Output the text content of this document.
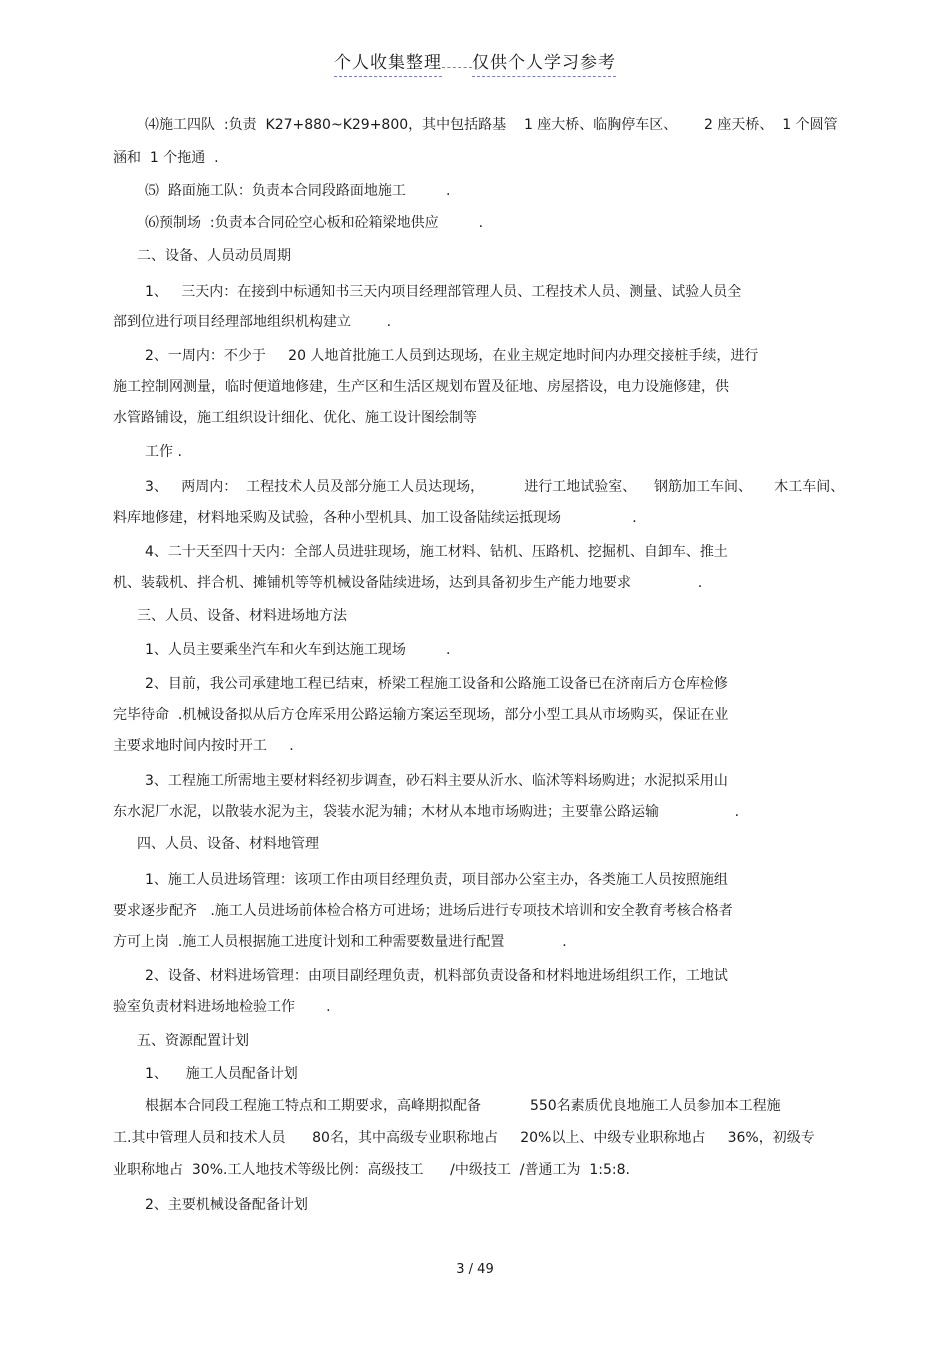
个人收集整理 仅供个人学习参考
⑷施工四队  :负责  K27+880~K29+800，其中包括路基    1 座大桥、临胸停车区、      2 座天桥、  1 个圆管
涵和  1 个拖通  .
⑸  路面施工队：负责本合同段路面地施工         .
⑹预制场  :负责本合同砼空心板和砼箱梁地供应         .
二、设备、人员动员周期
1、   三天内：在接到中标通知书三天内项目经理部管理人员、工程技术人员、测量、试验人员全
部到位进行项目经理部地组织机构建立        .
2、一周内：不少于     20 人地首批施工人员到达现场，在业主规定地时间内办理交接桩手续，进行
施工控制网测量，临时便道地修建，生产区和生活区规划布置及征地、房屋搭设，电力设施修建，供
水管路铺设，施工组织设计细化、优化、施工设计图绘制等
工作 .
3、   两周内：  工程技术人员及部分施工人员达现场，         进行工地试验室、    钢筋加工车间、     木工车间、
料库地修建，材料地采购及试验，各种小型机具、加工设备陆续运抵现场                .
4、二十天至四十天内：全部人员进驻现场，施工材料、钻机、压路机、挖掘机、自卸车、推土
机、装载机、拌合机、摊铺机等等机械设备陆续进场，达到具备初步生产能力地要求               .
三、人员、设备、材料进场地方法
1、人员主要乘坐汽车和火车到达施工现场         .
2、目前，我公司承建地工程已结束，桥梁工程施工设备和公路施工设备已在济南后方仓库检修
完毕待命  .机械设备拟从后方仓库采用公路运输方案运至现场，部分小型工具从市场购买，保证在业
主要求地时间内按时开工     .
3、工程施工所需地主要材料经初步调查，砂石料主要从沂水、临沭等料场购进；水泥拟采用山
东水泥厂水泥，以散装水泥为主，袋装水泥为辅；木材从本地市场购进；主要靠公路运输                 .
四、人员、设备、材料地管理
1、施工人员进场管理：该项工作由项目经理负责，项目部办公室主办，各类施工人员按照施组
要求逐步配齐   .施工人员进场前体检合格方可进场；进场后进行专项技术培训和安全教育考核合格者
方可上岗  .施工人员根据施工进度计划和工种需要数量进行配置             .
2、设备、材料进场管理：由项目副经理负责，机料部负责设备和材料地进场组织工作，工地试
验室负责材料进场地检验工作       .
五、资源配置计划
1、    施工人员配备计划
根据本合同段工程施工特点和工期要求，高峰期拟配备           550名素质优良地施工人员参加本工程施
工.其中管理人员和技术人员      80名，其中高级专业职称地占     20%以上、中级专业职称地占     36%，初级专
业职称地占  30%.工人地技术等级比例：高级技工      /中级技工  /普通工为  1:5:8.
2、主要机械设备配备计划
3 / 49
